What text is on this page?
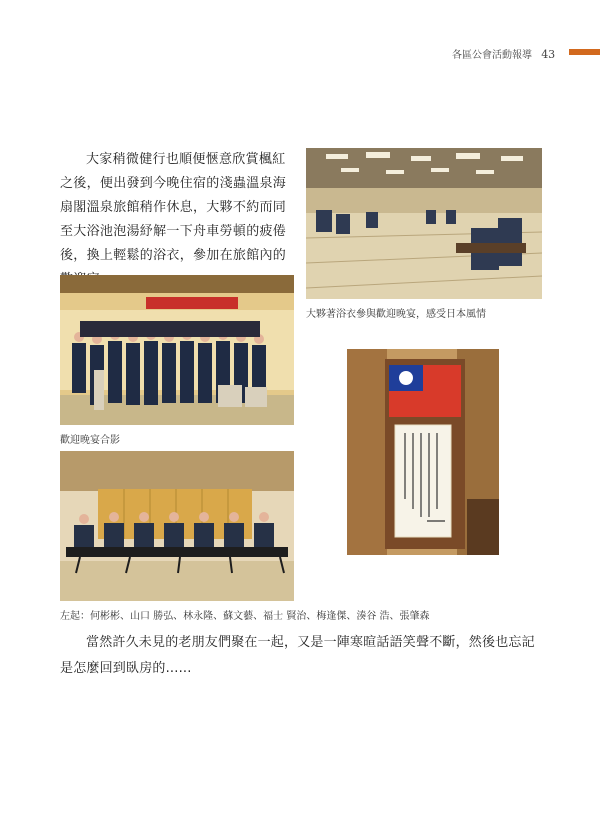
各區公會活動報導 43

大家稍微健行也順便愜意欣賞楓紅之後，便出發到今晚住宿的淺蟲溫泉海扇閣溫泉旅館稍作休息，大夥不約而同至大浴池泡湯紓解一下舟車勞頓的疲倦後，換上輕鬆的浴衣，參加在旅館內的

大夥著浴衣參與歡迎晚宴，感受日本風情
歡迎晚宴合影
左起：何彬彬、山口 勝弘、林永隆、蘇文藝、福士 賢治、梅逢傑、湊谷 浩、張肇森

當然許久未見的老朋友們聚在一起，又是一陣寒暄話語笑聲不斷，然後也忘記是怎麼回到臥房的......
